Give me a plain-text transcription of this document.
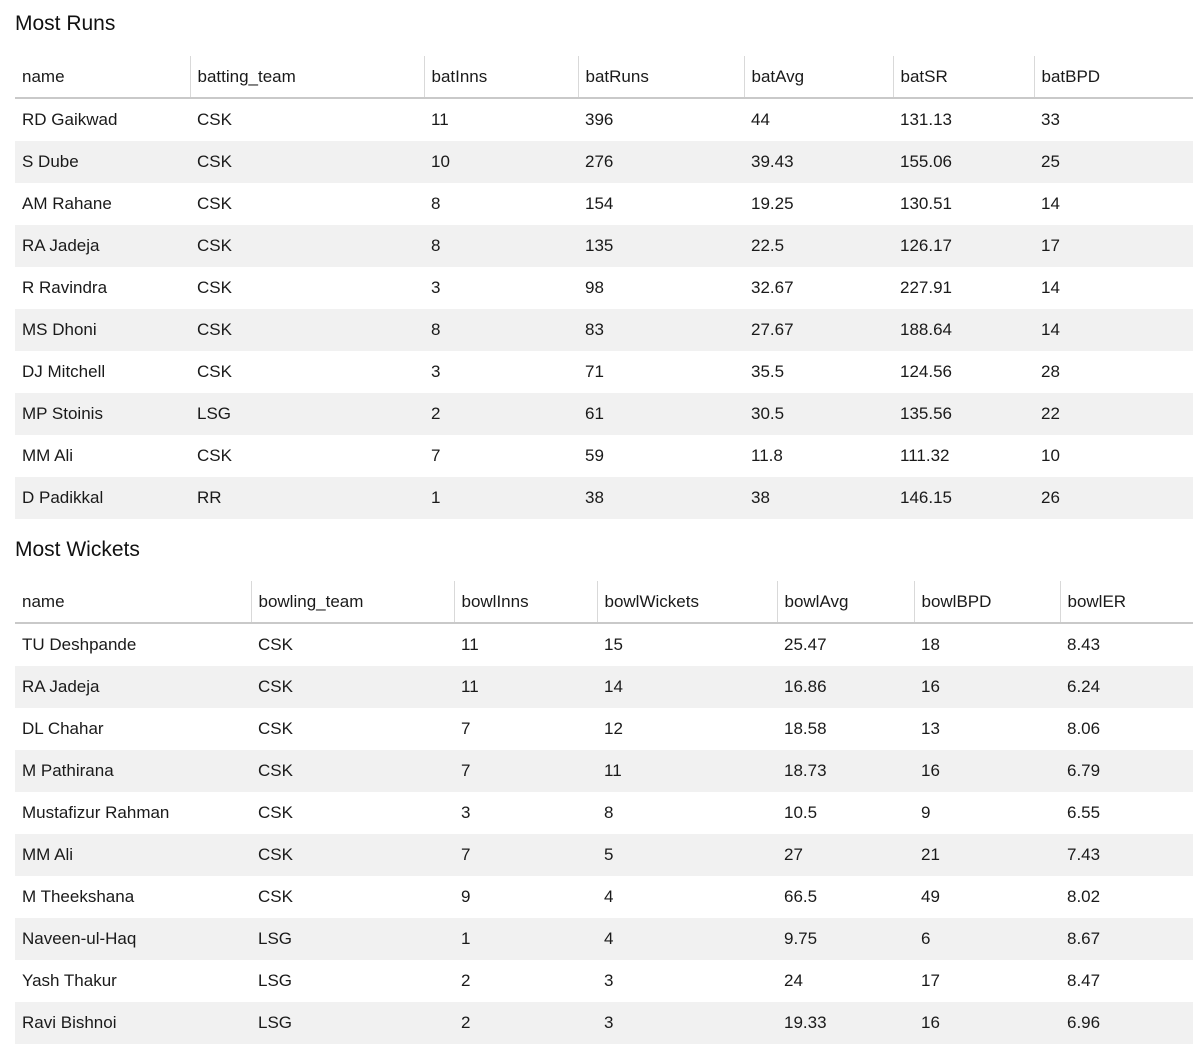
Most Runs
name	batting_team	batInns	batRuns	batAvg	batSR	batBPD
RD Gaikwad	CSK	11	396	44	131.13	33
S Dube	CSK	10	276	39.43	155.06	25
AM Rahane	CSK	8	154	19.25	130.51	14
RA Jadeja	CSK	8	135	22.5	126.17	17
R Ravindra	CSK	3	98	32.67	227.91	14
MS Dhoni	CSK	8	83	27.67	188.64	14
DJ Mitchell	CSK	3	71	35.5	124.56	28
MP Stoinis	LSG	2	61	30.5	135.56	22
MM Ali	CSK	7	59	11.8	111.32	10
D Padikkal	RR	1	38	38	146.15	26
Most Wickets
name	bowling_team	bowlInns	bowlWickets	bowlAvg	bowlBPD	bowlER
TU Deshpande	CSK	11	15	25.47	18	8.43
RA Jadeja	CSK	11	14	16.86	16	6.24
DL Chahar	CSK	7	12	18.58	13	8.06
M Pathirana	CSK	7	11	18.73	16	6.79
Mustafizur Rahman	CSK	3	8	10.5	9	6.55
MM Ali	CSK	7	5	27	21	7.43
M Theekshana	CSK	9	4	66.5	49	8.02
Naveen-ul-Haq	LSG	1	4	9.75	6	8.67
Yash Thakur	LSG	2	3	24	17	8.47
Ravi Bishnoi	LSG	2	3	19.33	16	6.96
